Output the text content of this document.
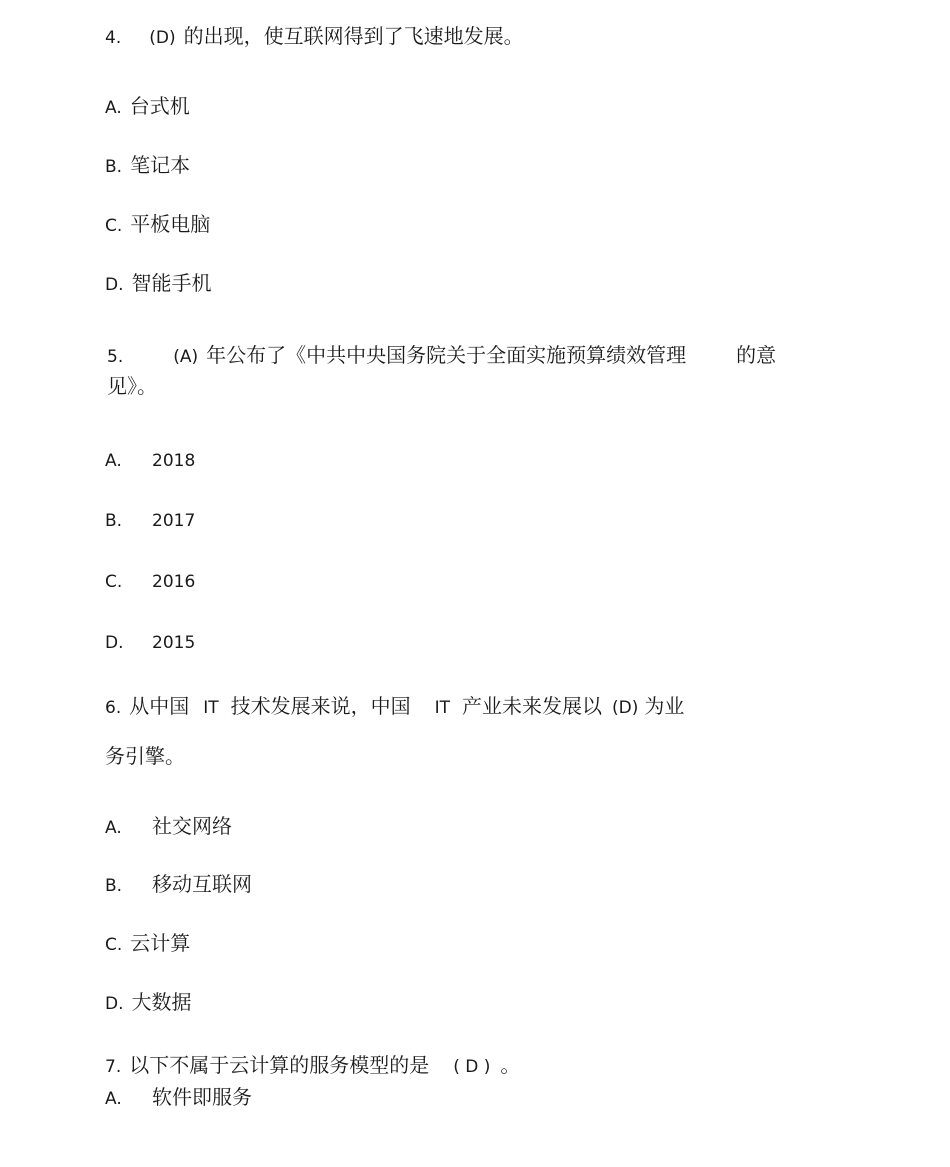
4. (D) 的出现，使互联网得到了飞速地发展。
A. 台式机
B. 笔记本
C. 平板电脑
D. 智能手机
5.	(A) 年公布了《中共中央国务院关于全面实施预算绩效管理	的意
见》。
A. 2018
B. 2017
C. 2016
D. 2015
6. 从中国 IT 技术发展来说，中国 IT 产业未来发展以 (D) 为业
务引擎。
A. 社交网络
B. 移动互联网
C. 云计算
D. 大数据
7. 以下不属于云计算的服务模型的是 ( D ) 。
A. 软件即服务
